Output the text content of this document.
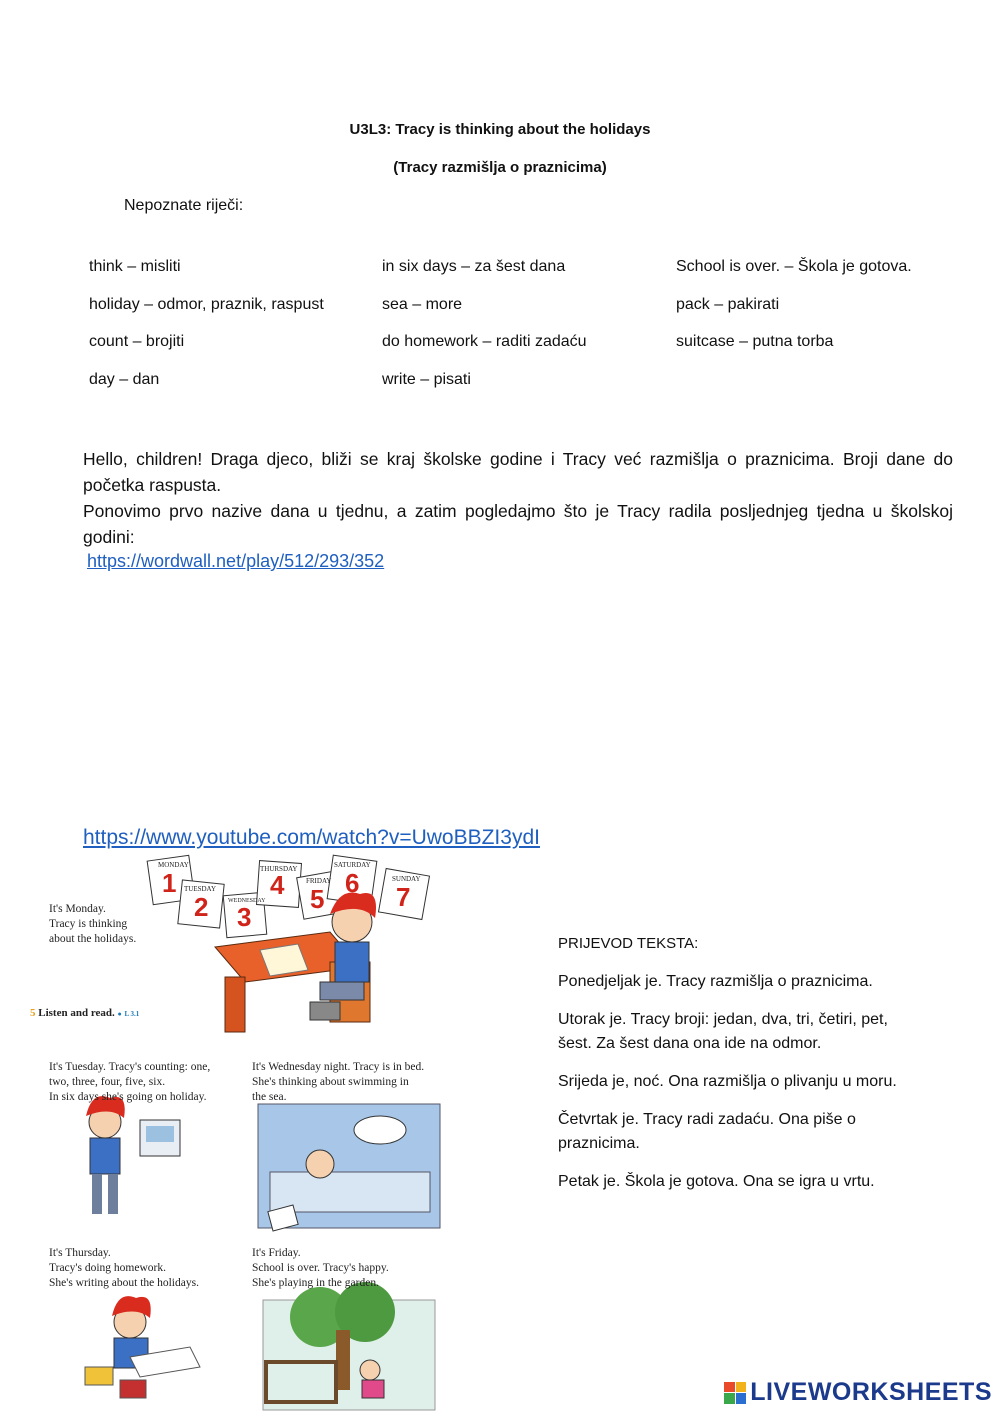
U3L3: Tracy is thinking about the holidays
(Tracy razmišlja o praznicima)
Nepoznate riječi:
think – misliti	in six days – za šest dana	School is over. – Škola je gotova.
holiday – odmor, praznik, raspust	sea – more	pack – pakirati
count – brojiti	do homework – raditi zadaću	suitcase – putna torba
day – dan	write – pisati
Hello, children! Draga djeco, bliži se kraj školske godine i Tracy već razmišlja o praznicima. Broji dane do početka raspusta.
Ponovimo prvo nazive dana u tjednu, a zatim pogledajmo što je Tracy radila posljednjeg tjedna u školskoj godini:
https://wordwall.net/play/512/293/352
https://www.youtube.com/watch?v=UwoBBZI3ydI
MONDAY
1 TUESDAY
2	WEDNESDAY
3
THURSDAY
4	FRIDAY
5
SATURDAY
6	SUNDAY
7
It's Monday.
Tracy is thinking
about the holidays.
5 Listen and read. ● L 3.1
It's Tuesday. Tracy's counting: one,
two, three, four, five, six.
In six days she's going on holiday.
It's Wednesday night. Tracy is in bed.
She's thinking about swimming in
the sea.
It's Thursday.
Tracy's doing homework.
She's writing about the holidays.
It's Friday.
School is over. Tracy's happy.
She's playing in the garden.

PRIJEVOD TEKSTA:

Ponedjeljak je. Tracy razmišlja o praznicima.

Utorak je. Tracy broji: jedan, dva, tri, četiri, pet, šest. Za šest dana ona ide na odmor.

Srijeda je, noć. Ona razmišlja o plivanju u moru.

Četvrtak je. Tracy radi zadaću. Ona piše o praznicima.

Petak je. Škola je gotova. Ona se igra u vrtu.

LIVEWORKSHEETS
